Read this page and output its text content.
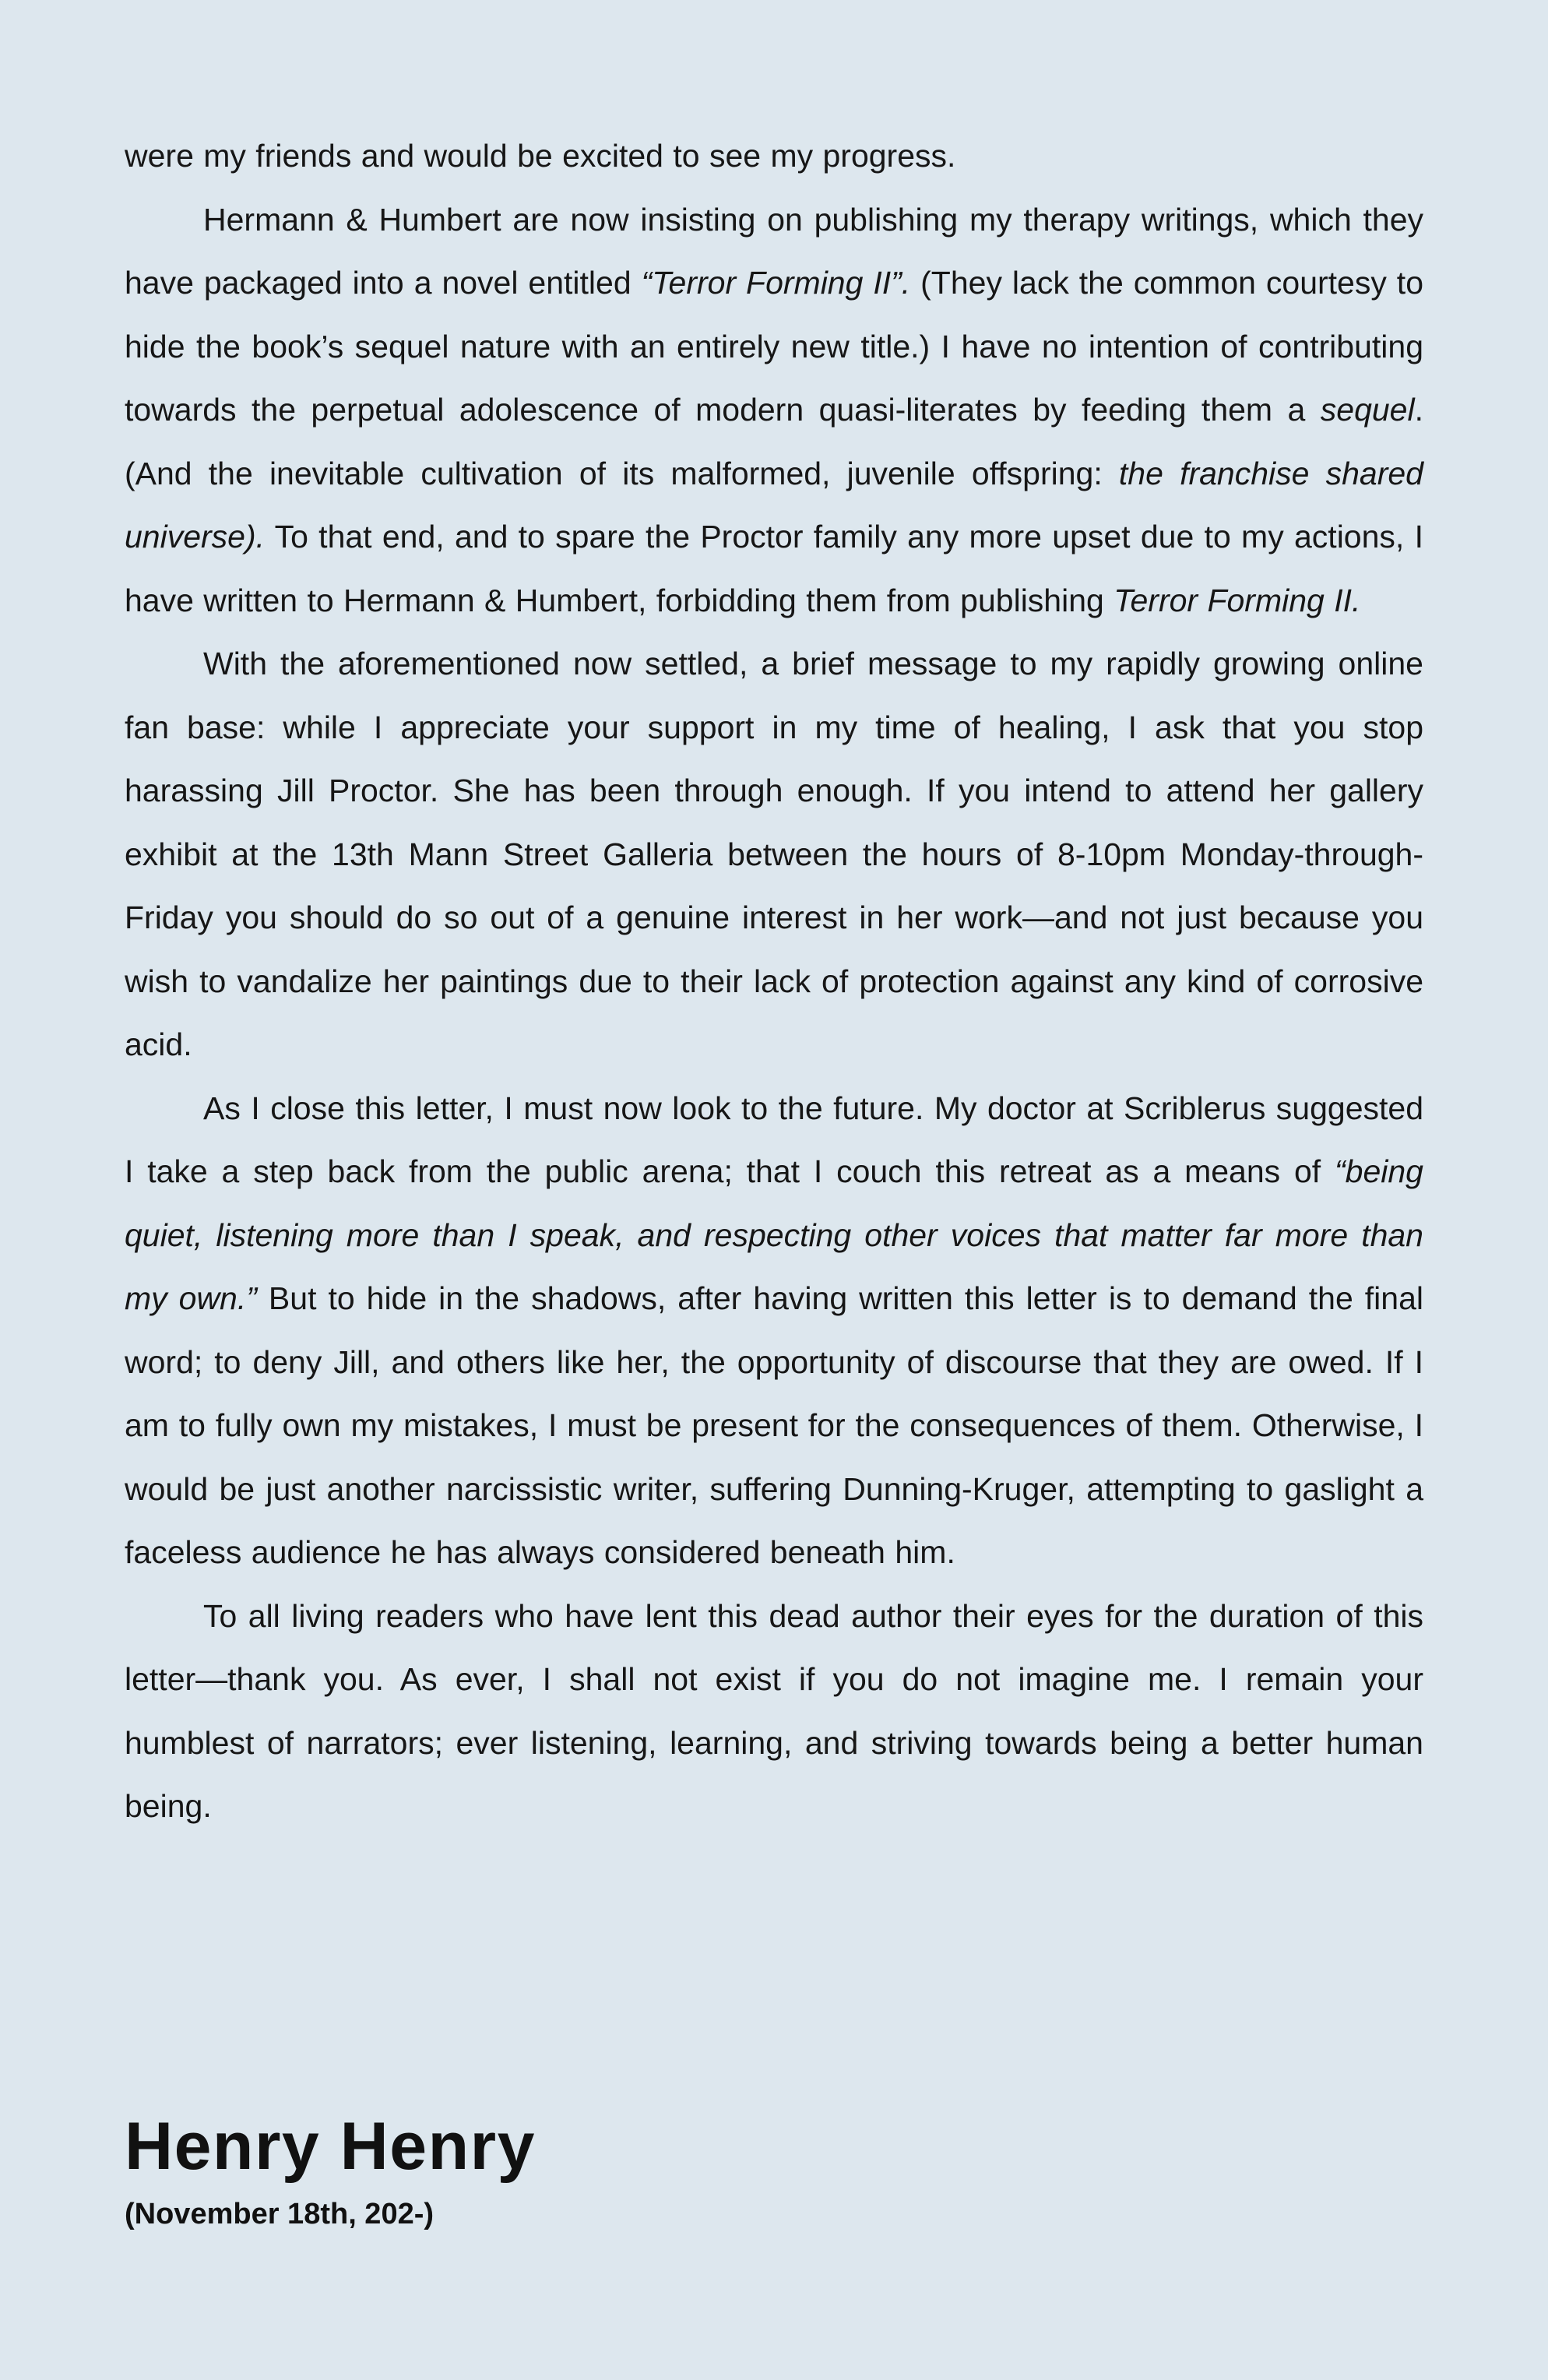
were my friends and would be excited to see my progress.

Hermann & Humbert are now insisting on publishing my therapy writings, which they have packaged into a novel entitled “Terror Forming II”. (They lack the common courtesy to hide the book’s sequel nature with an entirely new title.) I have no intention of contributing towards the perpetual adolescence of modern quasi-literates by feeding them a sequel. (And the inevitable cultivation of its malformed, juvenile offspring: the franchise shared universe). To that end, and to spare the Proctor family any more upset due to my actions, I have written to Hermann & Humbert, forbidding them from publishing Terror Forming II.

With the aforementioned now settled, a brief message to my rapidly growing online fan base: while I appreciate your support in my time of healing, I ask that you stop harassing Jill Proctor. She has been through enough. If you intend to attend her gallery exhibit at the 13th Mann Street Galleria between the hours of 8-10pm Monday-through-Friday you should do so out of a genuine interest in her work—and not just because you wish to vandalize her paintings due to their lack of protection against any kind of corrosive acid.

As I close this letter, I must now look to the future. My doctor at Scriblerus suggested I take a step back from the public arena; that I couch this retreat as a means of “being quiet, listening more than I speak, and respecting other voices that matter far more than my own.” But to hide in the shadows, after having written this letter is to demand the final word; to deny Jill, and others like her, the opportunity of discourse that they are owed. If I am to fully own my mistakes, I must be present for the consequences of them. Otherwise, I would be just another narcissistic writer, suffering Dunning-Kruger, attempting to gaslight a faceless audience he has always considered beneath him.

To all living readers who have lent this dead author their eyes for the duration of this letter—thank you. As ever, I shall not exist if you do not imagine me. I remain your humblest of narrators; ever listening, learning, and striving towards being a better human being.

Henry Henry

(November 18th, 202-)
